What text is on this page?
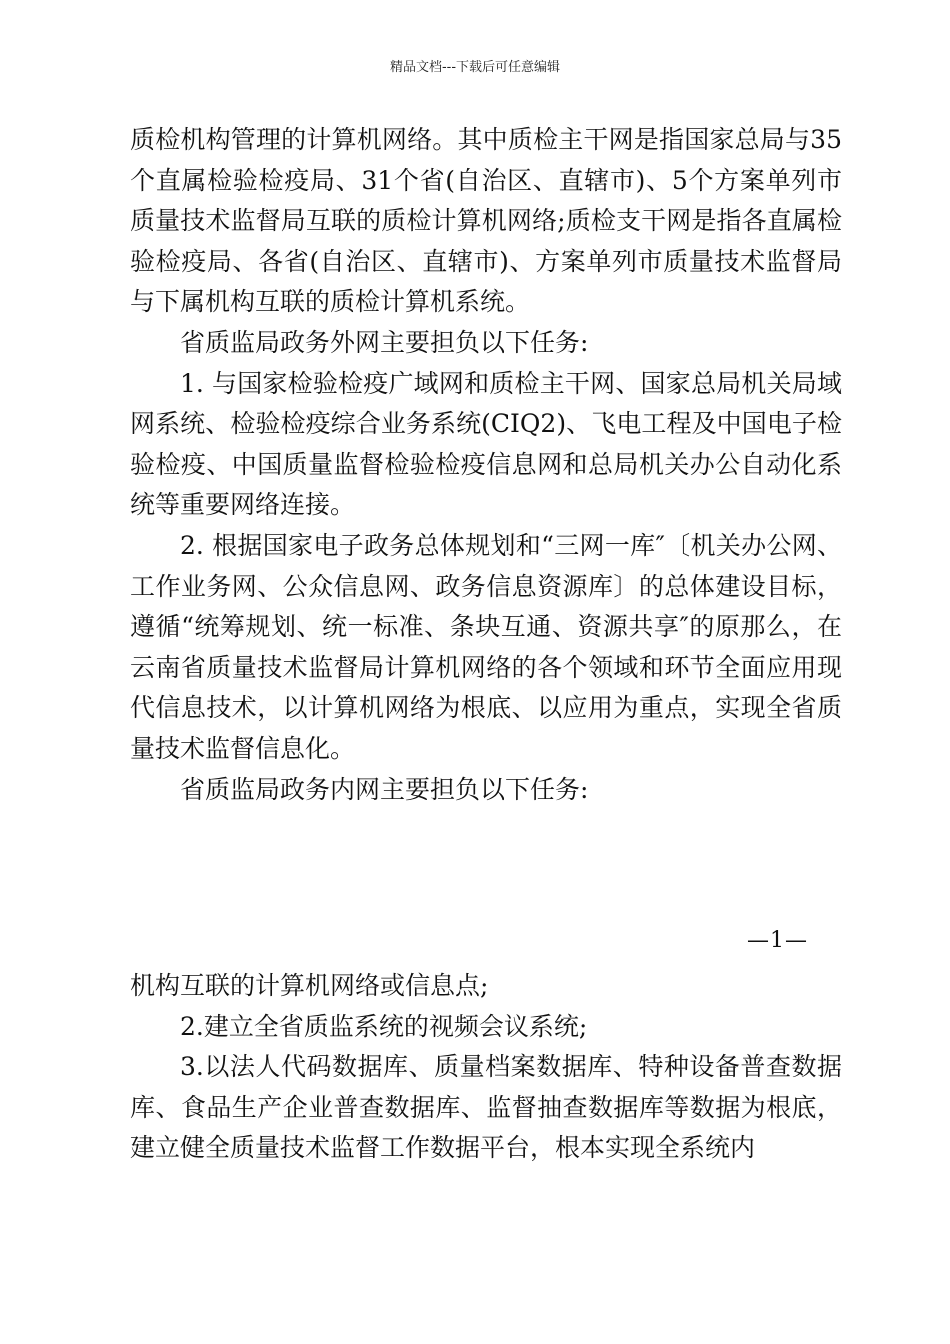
精品文档---下载后可任意编辑

质检机构管理的计算机网络。其中质检主干网是指国家总局与35个直属检验检疫局、31个省(自治区、直辖市)、5个方案单列市质量技术监督局互联的质检计算机网络;质检支干网是指各直属检验检疫局、各省(自治区、直辖市)、方案单列市质量技术监督局与下属机构互联的质检计算机系统。

省质监局政务外网主要担负以下任务:

1. 与国家检验检疫广域网和质检主干网、国家总局机关局域网系统、检验检疫综合业务系统(CIQ2)、飞电工程及中国电子检验检疫、中国质量监督检验检疫信息网和总局机关办公自动化系统等重要网络连接。

2. 根据国家电子政务总体规划和“三网一库″〔机关办公网、工作业务网、公众信息网、政务信息资源库〕的总体建设目标，遵循“统筹规划、统一标准、条块互通、资源共享″的原那么，在云南省质量技术监督局计算机网络的各个领域和环节全面应用现代信息技术，以计算机网络为根底、以应用为重点，实现全省质量技术监督信息化。

省质监局政务内网主要担负以下任务:

—1—

机构互联的计算机网络或信息点;

2.建立全省质监系统的视频会议系统;

3.以法人代码数据库、质量档案数据库、特种设备普查数据库、食品生产企业普查数据库、监督抽查数据库等数据为根底，建立健全质量技术监督工作数据平台，根本实现全系统内
